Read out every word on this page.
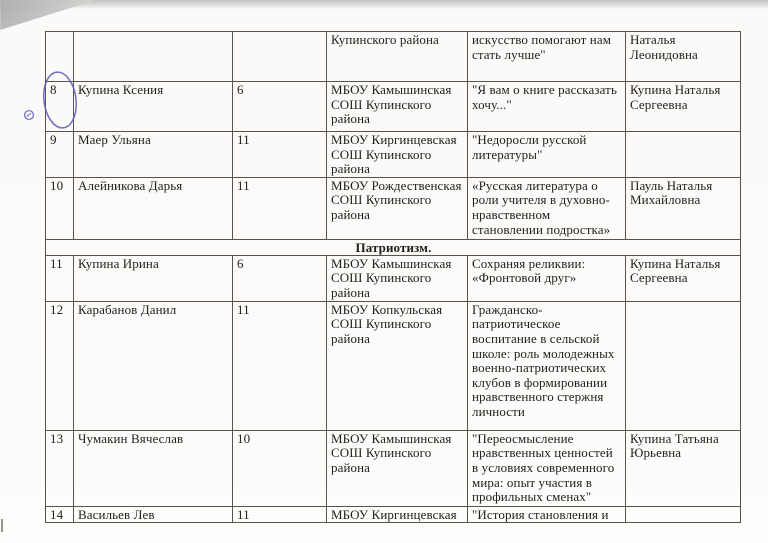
			Купинского района	искусство помогают нам стать лучше"	Наталья Леонидовна
8	Купина Ксения	6	МБОУ Камышинская СОШ Купинского района	"Я вам о книге рассказать хочу..."	Купина Наталья Сергеевна
9	Маер Ульяна	11	МБОУ Киргинцевская СОШ Купинского района	"Недоросли русской литературы"	
10	Алейникова Дарья	11	МБОУ Рождественская СОШ Купинского района	«Русская литература о роли учителя в духовно-нравственном становлении подростка»	Пауль Наталья Михайловна
Патриотизм.					
11	Купина Ирина	6	МБОУ Камышинская СОШ Купинского района	Сохраняя реликвии: «Фронтовой друг»	Купина Наталья Сергеевна
12	Карабанов Данил	11	МБОУ Копкульская СОШ Купинского района	Гражданско-патриотическое воспитание в сельской школе: роль молодежных военно-патриотических клубов в формировании нравственного стержня личности	
13	Чумакин Вячеслав	10	МБОУ Камышинская СОШ Купинского района	"Переосмысление нравственных ценностей в условиях современного мира: опыт участия в профильных сменах"	Купина Татьяна Юрьевна
14	Васильев Лев	11	МБОУ Киргинцевская	"История становления и	
